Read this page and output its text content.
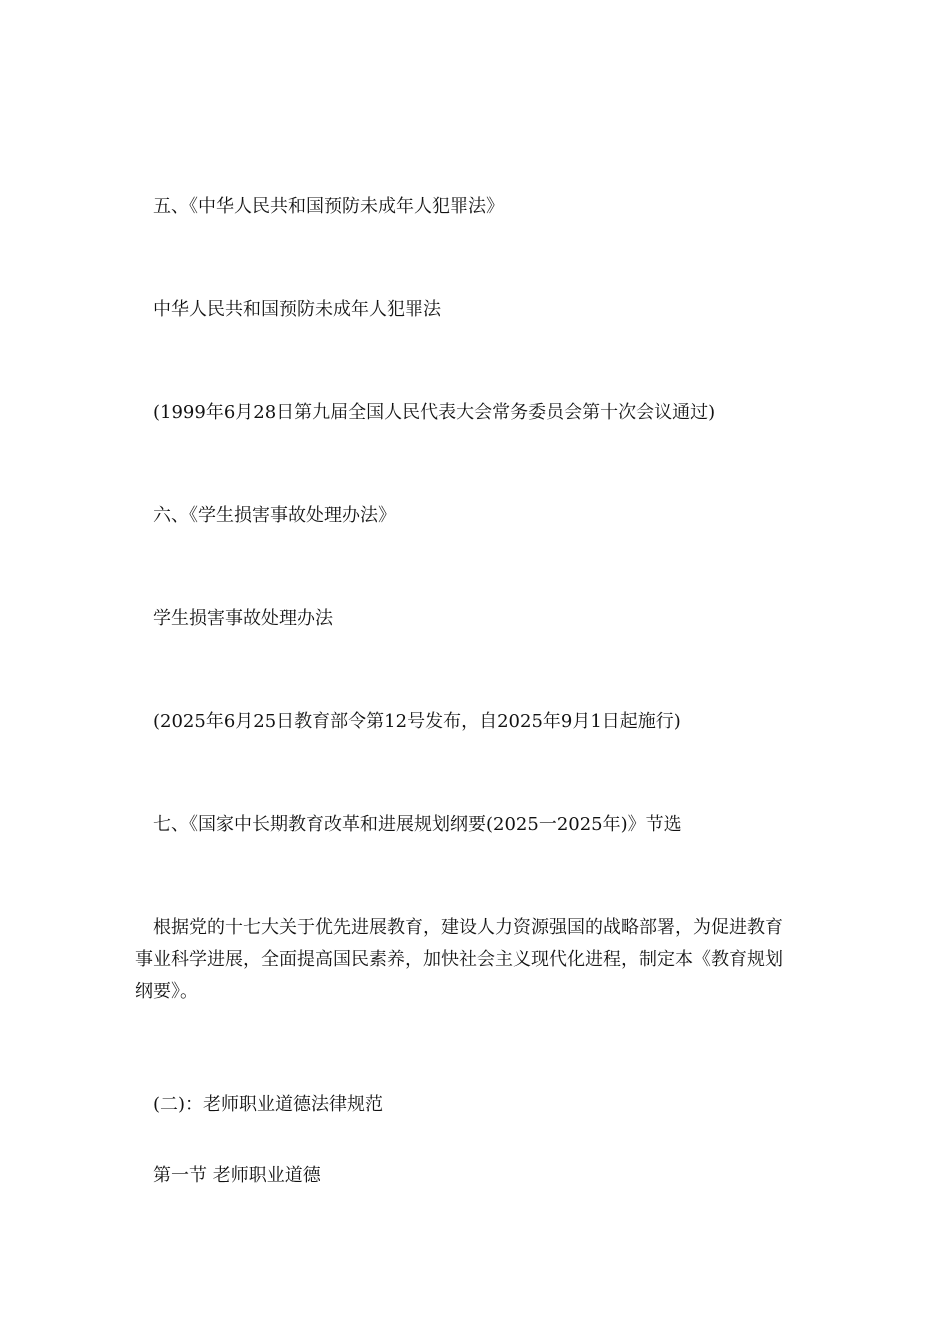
五、《中华人民共和国预防未成年人犯罪法》

中华人民共和国预防未成年人犯罪法

(1999年6月28日第九届全国人民代表大会常务委员会第十次会议通过)

六、《学生损害事故处理办法》

学生损害事故处理办法

(2025年6月25日教育部令第12号发布，自2025年9月1日起施行)

七、《国家中长期教育改革和进展规划纲要(2025一2025年)》节选

根据党的十七大关于优先进展教育，建设人力资源强国的战略部署，为促进教育事业科学进展，全面提高国民素养，加快社会主义现代化进程，制定本《教育规划纲要》。

(二)：老师职业道德法律规范

第一节 老师职业道德
